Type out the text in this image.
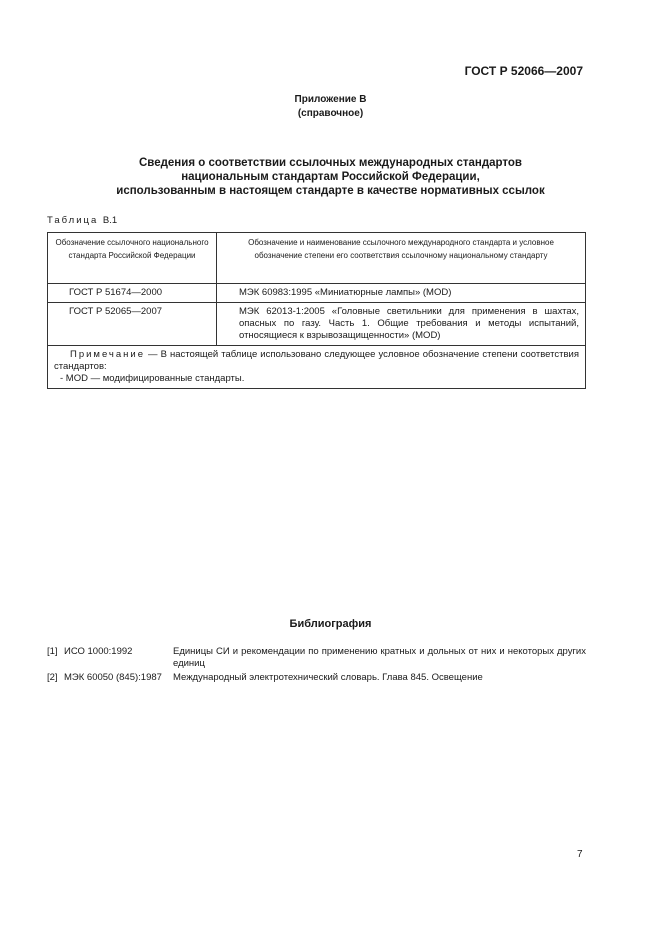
ГОСТ Р 52066—2007
Приложение В
(справочное)
Сведения о соответствии ссылочных международных стандартов
национальным стандартам Российской Федерации,
использованным в настоящем стандарте в качестве нормативных ссылок
Таблица В.1
Обозначение ссылочного национального стандарта Российской Федерации	Обозначение и наименование ссылочного международного стандарта и условное обозначение степени его соответствия ссылочному национальному стандарту
ГОСТ Р 51674—2000	МЭК 60983:1995 «Миниатюрные лампы» (MOD)
ГОСТ Р 52065—2007	МЭК 62013-1:2005 «Головные светильники для применения в шахтах, опасных по газу. Часть 1. Общие требования и методы испытаний, относящиеся к взрывозащищенности» (MOD)

Примечание — В настоящей таблице использовано следующее условное обозначение степени соответствия стандартов:
- MOD — модифицированные стандарты.	
Библиография
[1] ИСО 1000:1992	Единицы СИ и рекомендации по применению кратных и дольных от них и некоторых других единиц
[2] МЭК 60050 (845):1987 Международный электротехнический словарь. Глава 845. Освещение
7
